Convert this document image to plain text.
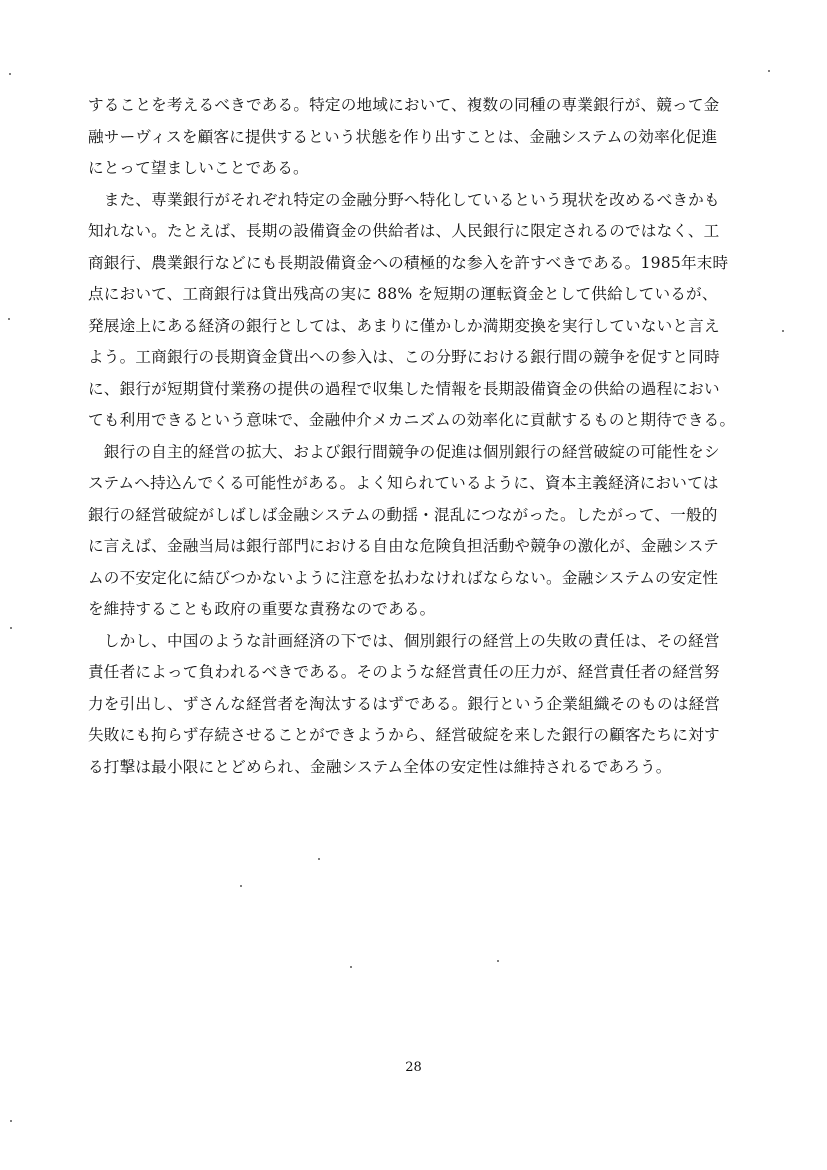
することを考えるべきである。特定の地域において、複数の同種の専業銀行が、競って金
融サーヴィスを顧客に提供するという状態を作り出すことは、金融システムの効率化促進
にとって望ましいことである。

　また、専業銀行がそれぞれ特定の金融分野へ特化しているという現状を改めるべきかも
知れない。たとえば、長期の設備資金の供給者は、人民銀行に限定されるのではなく、工
商銀行、農業銀行などにも長期設備資金への積極的な参入を許すべきである。1985年末時
点において、工商銀行は貸出残高の実に 88% を短期の運転資金として供給しているが、
発展途上にある経済の銀行としては、あまりに僅かしか満期変換を実行していないと言え
よう。工商銀行の長期資金貸出への参入は、この分野における銀行間の競争を促すと同時
に、銀行が短期貸付業務の提供の過程で収集した情報を長期設備資金の供給の過程におい
ても利用できるという意味で、金融仲介メカニズムの効率化に貢献するものと期待できる。

　銀行の自主的経営の拡大、および銀行間競争の促進は個別銀行の経営破綻の可能性をシ
ステムへ持込んでくる可能性がある。よく知られているように、資本主義経済においては
銀行の経営破綻がしばしば金融システムの動揺・混乱につながった。したがって、一般的
に言えば、金融当局は銀行部門における自由な危険負担活動や競争の激化が、金融システ
ムの不安定化に結びつかないように注意を払わなければならない。金融システムの安定性
を維持することも政府の重要な責務なのである。

　しかし、中国のような計画経済の下では、個別銀行の経営上の失敗の責任は、その経営
責任者によって負われるべきである。そのような経営責任の圧力が、経営責任者の経営努
力を引出し、ずさんな経営者を淘汰するはずである。銀行という企業組織そのものは経営
失敗にも拘らず存続させることができようから、経営破綻を来した銀行の顧客たちに対す
る打撃は最小限にとどめられ、金融システム全体の安定性は維持されるであろう。

28
